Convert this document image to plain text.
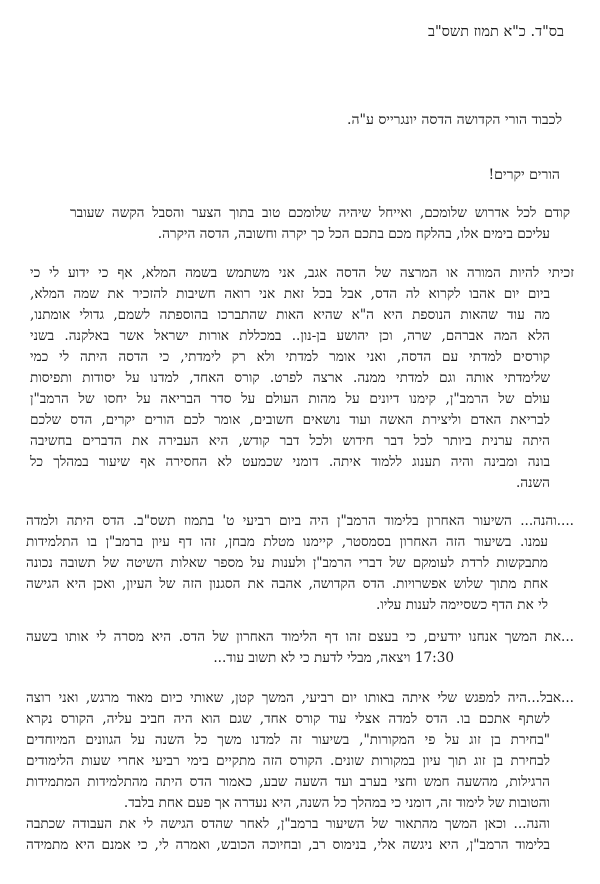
בס"ד. כ"א תמוז תשס"ב
לכבוד הורי הקדושה הדסה יונגרייס ע"ה.
הורים יקרים!
קודם לכל אדרוש שלומכם, ואייחל שיהיה שלומכם טוב בתוך הצער והסבל הקשה שעובר
עליכם בימים אלו, בהלקח מכם בתכם הכל כך יקרה וחשובה, הדסה היקרה.
זכיתי להיות המורה או המרצה של הדסה אגב, אני משתמש בשמה המלא, אף כי ידוע לי כי
ביום יום אהבו לקרוא לה הדס, אבל בכל זאת אני רואה חשיבות להזכיר את שמה המלא,
מה עוד שהאות הנוספת היא ה"א שהיא האות שהתברכו בהוספתה לשמם, גדולי אומתנו,
הלא המה אברהם, שרה, וכן יהושע בן-נון.. במכללת אורות ישראל אשר באלקנה. בשני
קורסים למדתי עם הדסה, ואני אומר למדתי ולא רק לימדתי, כי הדסה היתה לי כמי
שלימדתי אותה וגם למדתי ממנה. ארצה לפרט. קורס האחד, למדנו על יסודות ותפיסות
עולם של הרמב"ן, קימנו דיונים על מהות העולם על סדר הבריאה על יחסו של הרמב"ן
לבריאת האדם וליצירת האשה ועוד נושאים חשובים, אומר לכם הורים יקרים, הדס שלכם
היתה ערנית ביותר לכל דבר חידוש ולכל דבר קודש, היא העבירה את הדברים בחשיבה
בונה ומבינה והיה תענוג ללמוד איתה. דומני שכמעט לא החסירה אף שיעור במהלך כל
השנה.
....והנה... השיעור האחרון בלימוד הרמב"ן היה ביום רביעי ט' בתמוז תשס"ב. הדס היתה ולמדה
עמנו. בשיעור הזה האחרון בסמסטר, קיימנו מטלת מבחן, זהו דף עיון ברמב"ן בו התלמידות
מתבקשות לרדת לעומקם של דברי הרמב"ן ולענות על מספר שאלות השיטה של תשובה נכונה
אחת מתוך שלוש אפשרויות. הדס הקדושה, אהבה את הסגנון הזה של העיון, ואכן היא הגישה
לי את הדף כשסיימה לענות עליו.
...את המשך אנחנו יודעים, כי בעצם זהו דף הלימוד האחרון של הדס. היא מסרה לי אותו בשעה
17:30 ויצאה, מבלי לדעת כי לא תשוב עוד...
...אבל...היה למפגש שלי איתה באותו יום רביעי, המשך קטן, שאותי כיום מאוד מרגש, ואני רוצה
לשתף אתכם בו. הדס למדה אצלי עוד קורס אחד, שגם הוא היה חביב עליה, הקורס נקרא
"בחירת בן זוג על פי המקורות", בשיעור זה למדנו משך כל השנה על הגוונים המיוחדים
לבחירת בן זוג תוך עיון במקורות שונים. הקורס הזה מתקיים בימי רביעי אחרי שעות הלימודים
הרגילות, מהשעה חמש וחצי בערב ועד השעה שבע, כאמור הדס היתה מהתלמידות המתמידות
והטובות של לימוד זה, דומני כי במהלך כל השנה, היא נעדרה אך פעם אחת בלבד.
והנה... וכאן המשך מהתאור של השיעור ברמב"ן, לאחר שהדס הגישה לי את העבודה שכתבה
בלימוד הרמב"ן, היא ניגשה אלי, בנימוס רב, ובחיוכה הכובש, ואמרה לי, כי אמנם היא מתמידה
